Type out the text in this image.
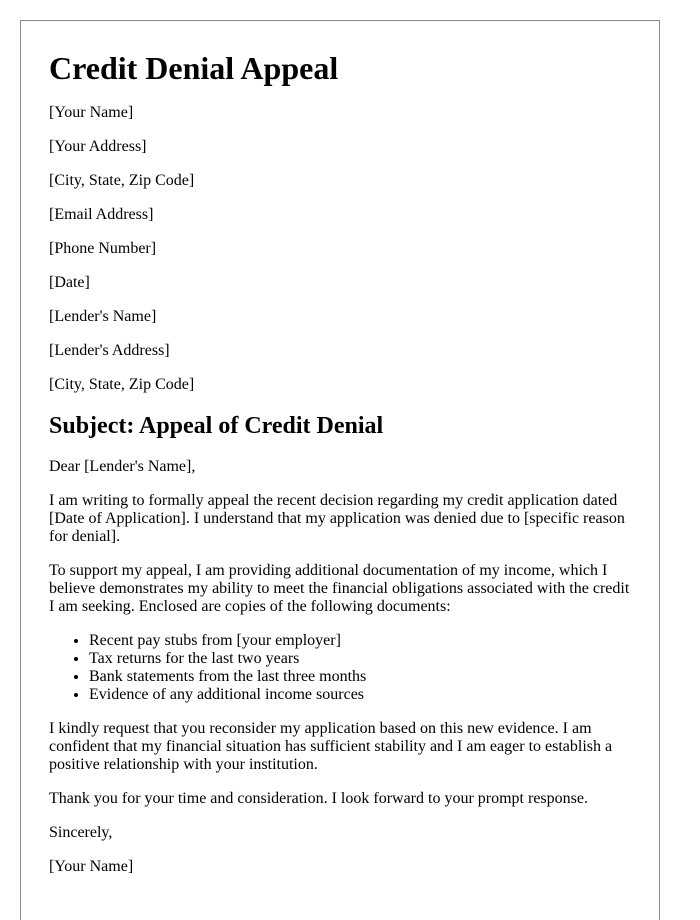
Credit Denial Appeal

[Your Name]

[Your Address]

[City, State, Zip Code]

[Email Address]

[Phone Number]

[Date]

[Lender's Name]

[Lender's Address]

[City, State, Zip Code]

Subject: Appeal of Credit Denial

Dear [Lender's Name],

I am writing to formally appeal the recent decision regarding my credit application dated [Date of Application]. I understand that my application was denied due to [specific reason for denial].

To support my appeal, I am providing additional documentation of my income, which I believe demonstrates my ability to meet the financial obligations associated with the credit I am seeking. Enclosed are copies of the following documents:

• Recent pay stubs from [your employer]
• Tax returns for the last two years
• Bank statements from the last three months
• Evidence of any additional income sources

I kindly request that you reconsider my application based on this new evidence. I am confident that my financial situation has sufficient stability and I am eager to establish a positive relationship with your institution.

Thank you for your time and consideration. I look forward to your prompt response.

Sincerely,

[Your Name]
